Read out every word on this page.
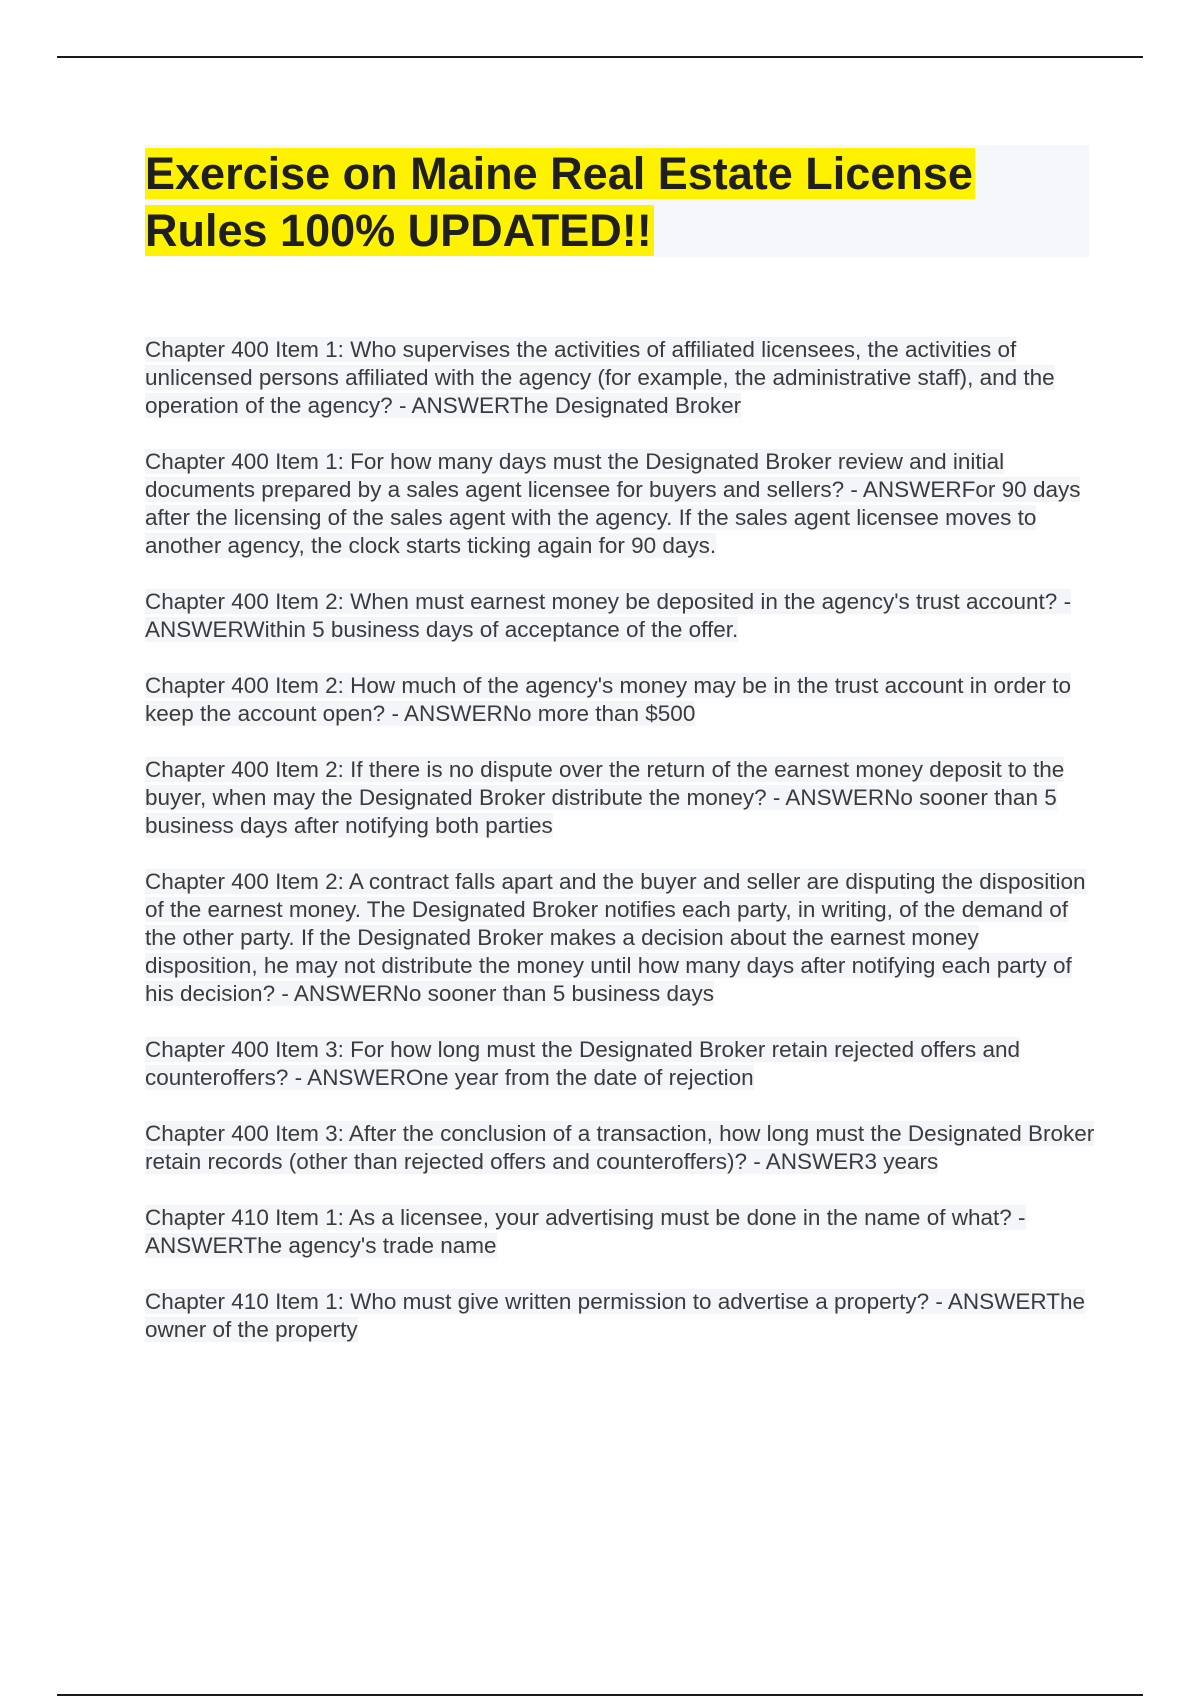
Exercise on Maine Real Estate License Rules 100% UPDATED!!
Chapter 400 Item 1: Who supervises the activities of affiliated licensees, the activities of unlicensed persons affiliated with the agency (for example, the administrative staff), and the operation of the agency? - ANSWERThe Designated Broker
Chapter 400 Item 1: For how many days must the Designated Broker review and initial documents prepared by a sales agent licensee for buyers and sellers? - ANSWERFor 90 days after the licensing of the sales agent with the agency. If the sales agent licensee moves to another agency, the clock starts ticking again for 90 days.
Chapter 400 Item 2: When must earnest money be deposited in the agency's trust account? - ANSWERWithin 5 business days of acceptance of the offer.
Chapter 400 Item 2: How much of the agency's money may be in the trust account in order to keep the account open? - ANSWERNo more than $500
Chapter 400 Item 2: If there is no dispute over the return of the earnest money deposit to the buyer, when may the Designated Broker distribute the money? - ANSWERNo sooner than 5 business days after notifying both parties
Chapter 400 Item 2: A contract falls apart and the buyer and seller are disputing the disposition of the earnest money. The Designated Broker notifies each party, in writing, of the demand of the other party. If the Designated Broker makes a decision about the earnest money disposition, he may not distribute the money until how many days after notifying each party of his decision? - ANSWERNo sooner than 5 business days
Chapter 400 Item 3: For how long must the Designated Broker retain rejected offers and counteroffers? - ANSWEROne year from the date of rejection
Chapter 400 Item 3: After the conclusion of a transaction, how long must the Designated Broker retain records (other than rejected offers and counteroffers)? - ANSWER3 years
Chapter 410 Item 1: As a licensee, your advertising must be done in the name of what? - ANSWERThe agency's trade name
Chapter 410 Item 1: Who must give written permission to advertise a property? - ANSWERThe owner of the property
